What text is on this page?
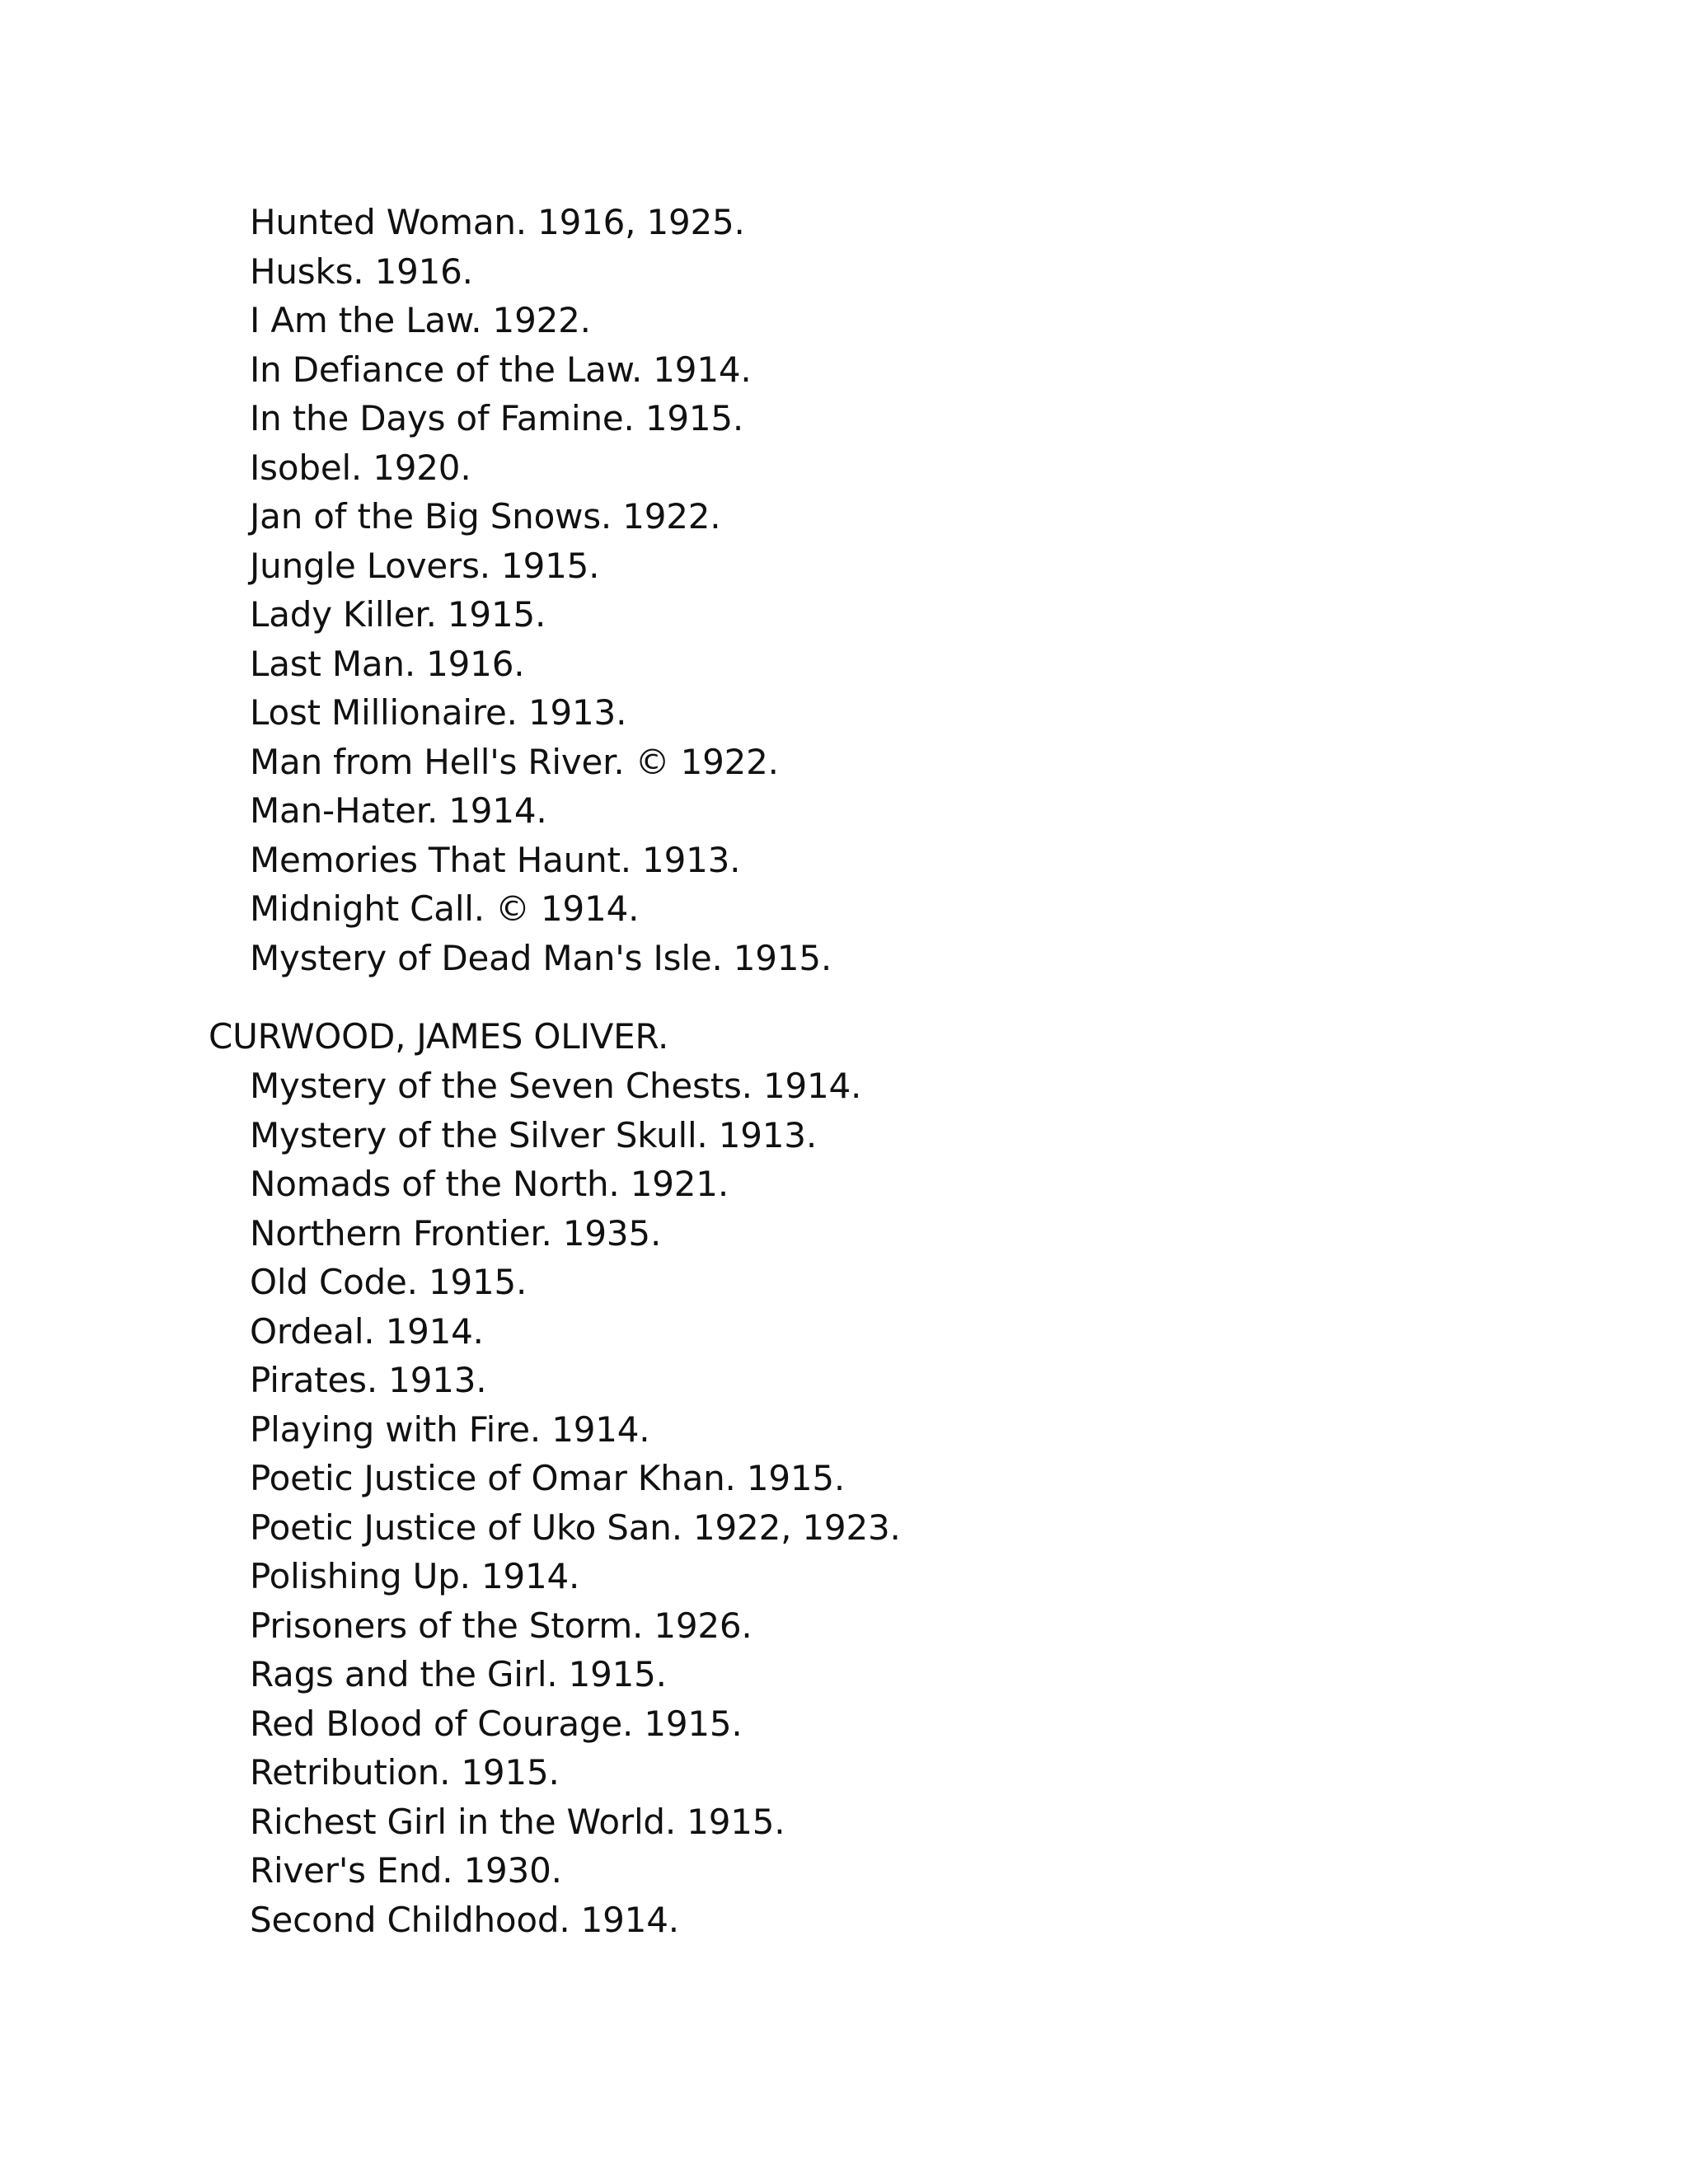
Hunted Woman. 1916, 1925.
Husks. 1916.
I Am the Law. 1922.
In Defiance of the Law. 1914.
In the Days of Famine. 1915.
Isobel. 1920.
Jan of the Big Snows. 1922.
Jungle Lovers. 1915.
Lady Killer. 1915.
Last Man. 1916.
Lost Millionaire. 1913.
Man from Hell's River. © 1922.
Man-Hater. 1914.
Memories That Haunt. 1913.
Midnight Call. © 1914.
Mystery of Dead Man's Isle. 1915.
CURWOOD, JAMES OLIVER.
Mystery of the Seven Chests. 1914.
Mystery of the Silver Skull. 1913.
Nomads of the North. 1921.
Northern Frontier. 1935.
Old Code. 1915.
Ordeal. 1914.
Pirates. 1913.
Playing with Fire. 1914.
Poetic Justice of Omar Khan. 1915.
Poetic Justice of Uko San. 1922, 1923.
Polishing Up. 1914.
Prisoners of the Storm. 1926.
Rags and the Girl. 1915.
Red Blood of Courage. 1915.
Retribution. 1915.
Richest Girl in the World. 1915.
River's End. 1930.
Second Childhood. 1914.
